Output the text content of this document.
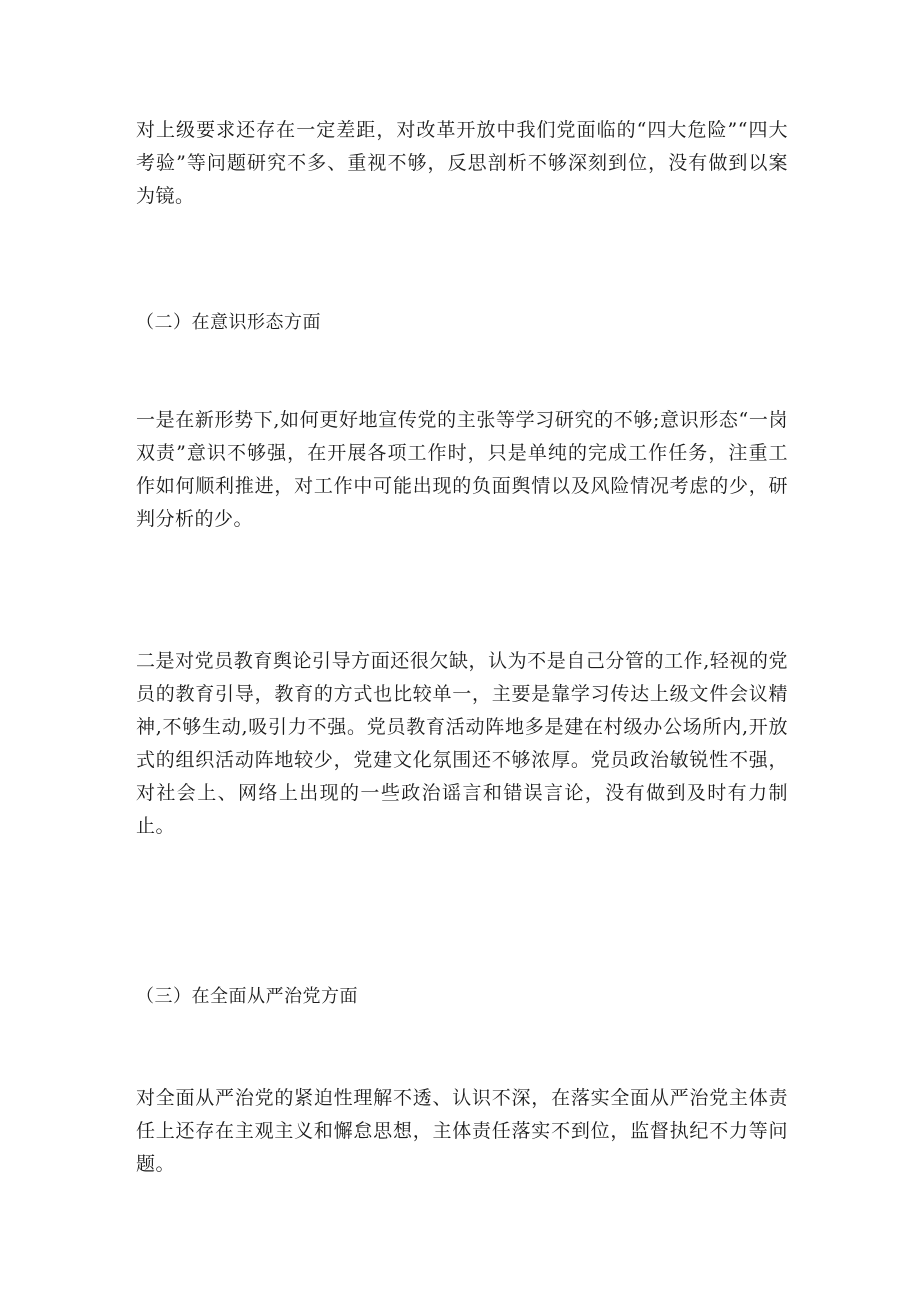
对上级要求还存在一定差距，对改革开放中我们党面临的“四大危险”“四大考验”等问题研究不多、重视不够，反思剖析不够深刻到位，没有做到以案为镜。

（二）在意识形态方面

一是在新形势下,如何更好地宣传党的主张等学习研究的不够;意识形态“一岗双责”意识不够强，在开展各项工作时，只是单纯的完成工作任务，注重工作如何顺利推进，对工作中可能出现的负面舆情以及风险情况考虑的少，研判分析的少。

二是对党员教育舆论引导方面还很欠缺，认为不是自己分管的工作,轻视的党员的教育引导，教育的方式也比较单一，主要是靠学习传达上级文件会议精神,不够生动,吸引力不强。党员教育活动阵地多是建在村级办公场所内,开放式的组织活动阵地较少，党建文化氛围还不够浓厚。党员政治敏锐性不强，对社会上、网络上出现的一些政治谣言和错误言论，没有做到及时有力制止。

（三）在全面从严治党方面

对全面从严治党的紧迫性理解不透、认识不深，在落实全面从严治党主体责任上还存在主观主义和懈怠思想，主体责任落实不到位，监督执纪不力等问题。
